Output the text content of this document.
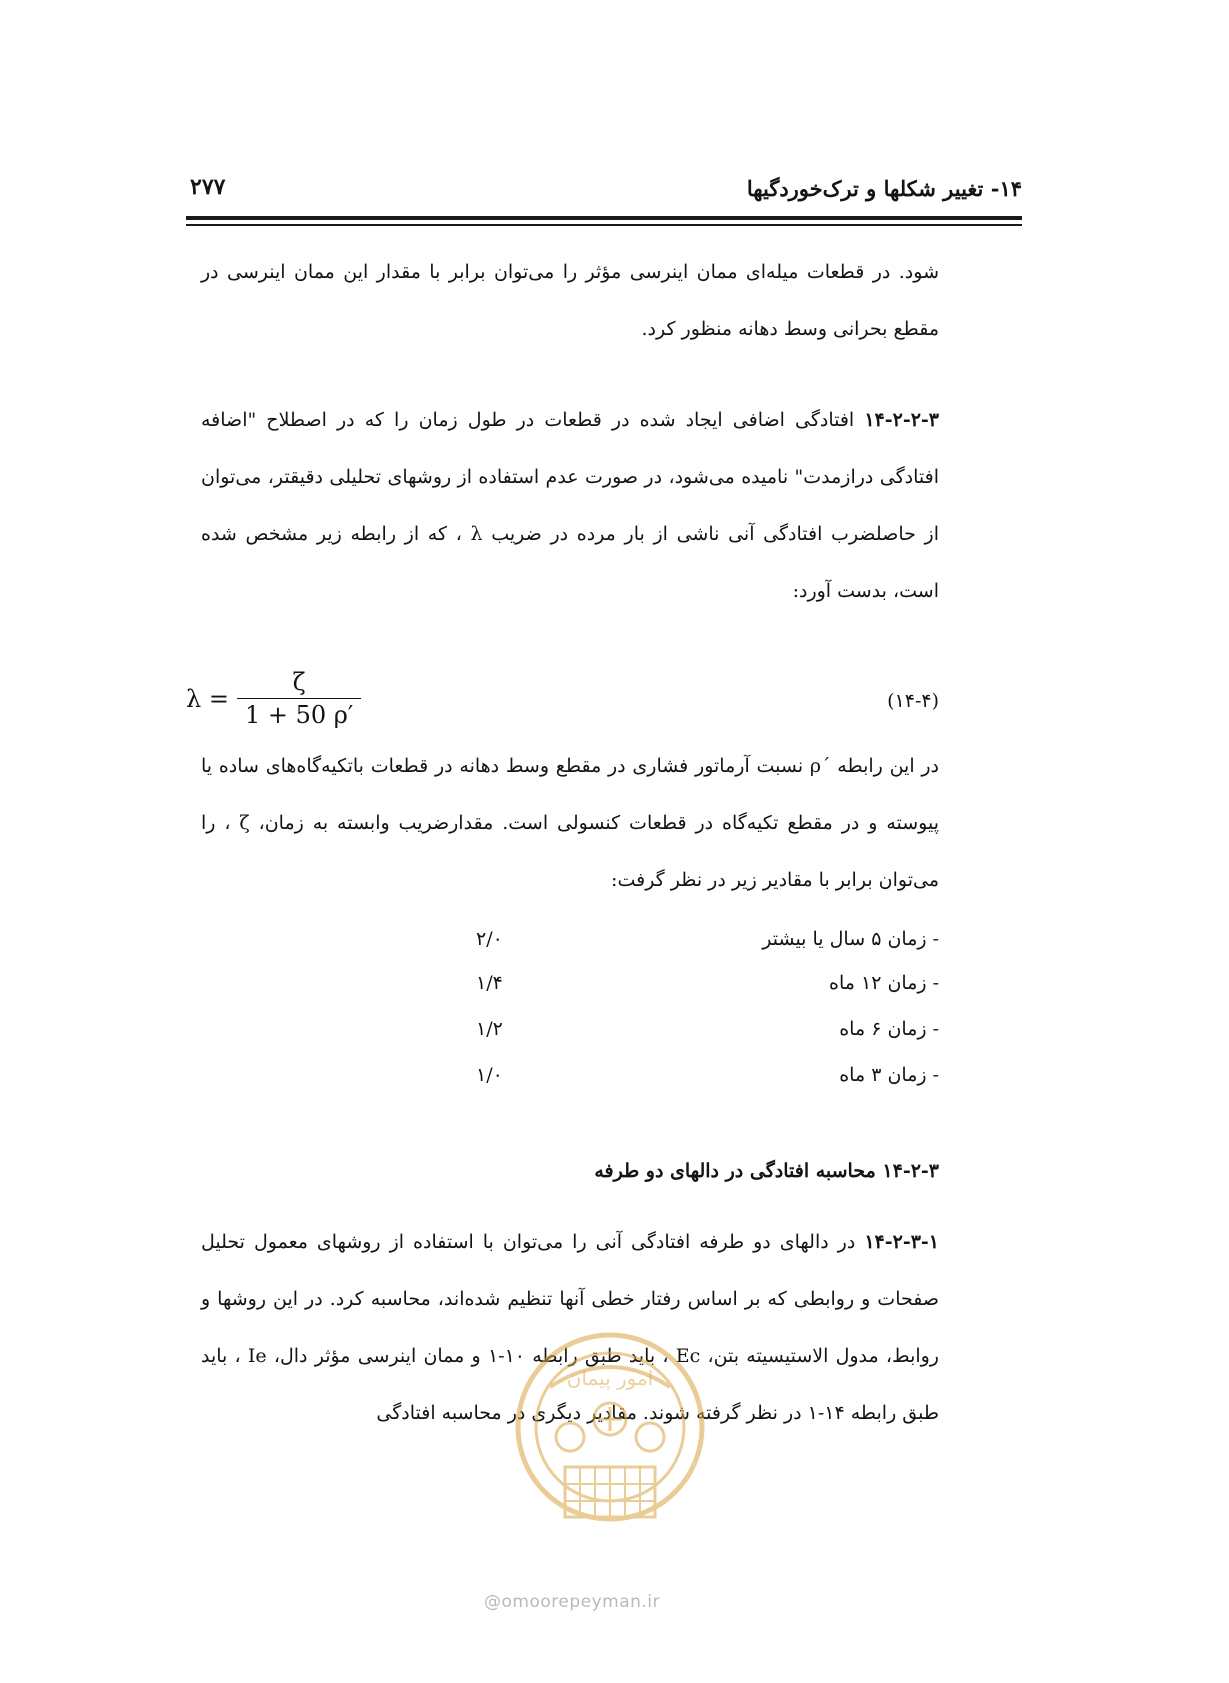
۲۷۷	۱۴- تغییر شکلها و ترک‌خوردگیها

شود. در قطعات میله‌ای ممان اینرسی مؤثر را می‌توان برابر با مقدار این ممان اینرسی در مقطع بحرانی وسط دهانه منظور کرد.

۱۴-۲-۲-۳ افتادگی اضافی ایجاد شده در قطعات در طول زمان را که در اصطلاح "اضافه افتادگی درازمدت" نامیده می‌شود، در صورت عدم استفاده از روشهای تحلیلی دقیقتر، می‌توان از حاصلضرب افتادگی آنی ناشی از بار مرده در ضریب λ ، که از رابطه زیر مشخص شده است، بدست آورد:

$\lambda = \frac{\zeta}{1 + 50 \rho'}$	(۱۴-۴)

در این رابطه ´ρ نسبت آرماتور فشاری در مقطع وسط دهانه در قطعات باتکیه‌گاه‌های ساده یا پیوسته و در مقطع تکیه‌گاه در قطعات کنسولی است. مقدارضریب وابسته به زمان، ζ ، را می‌توان برابر با مقادیر زیر در نظر گرفت:

- زمان ۵ سال یا بیشتر
۲/۰
- زمان ۱۲ ماه
۱/۴
- زمان ۶ ماه
۱/۲
- زمان ۳ ماه
۱/۰
۱۴-۲-۳ محاسبه افتادگی در دالهای دو طرفه

۱۴-۲-۳-۱ در دالهای دو طرفه افتادگی آنی را می‌توان با استفاده از روشهای معمول تحلیل صفحات و روابطی که بر اساس رفتار خطی آنها تنظیم شده‌اند، محاسبه کرد. در این روشها و روابط، مدول الاستیسیته بتن، Ec ، باید طبق رابطه ۱۰-۱ و ممان اینرسی مؤثر دال، Ie ، باید طبق رابطه ۱۴-۱ در نظر گرفته شوند. مقادیر دیگری در محاسبه افتادگی

امور پیمان
@omoorepeyman.ir
